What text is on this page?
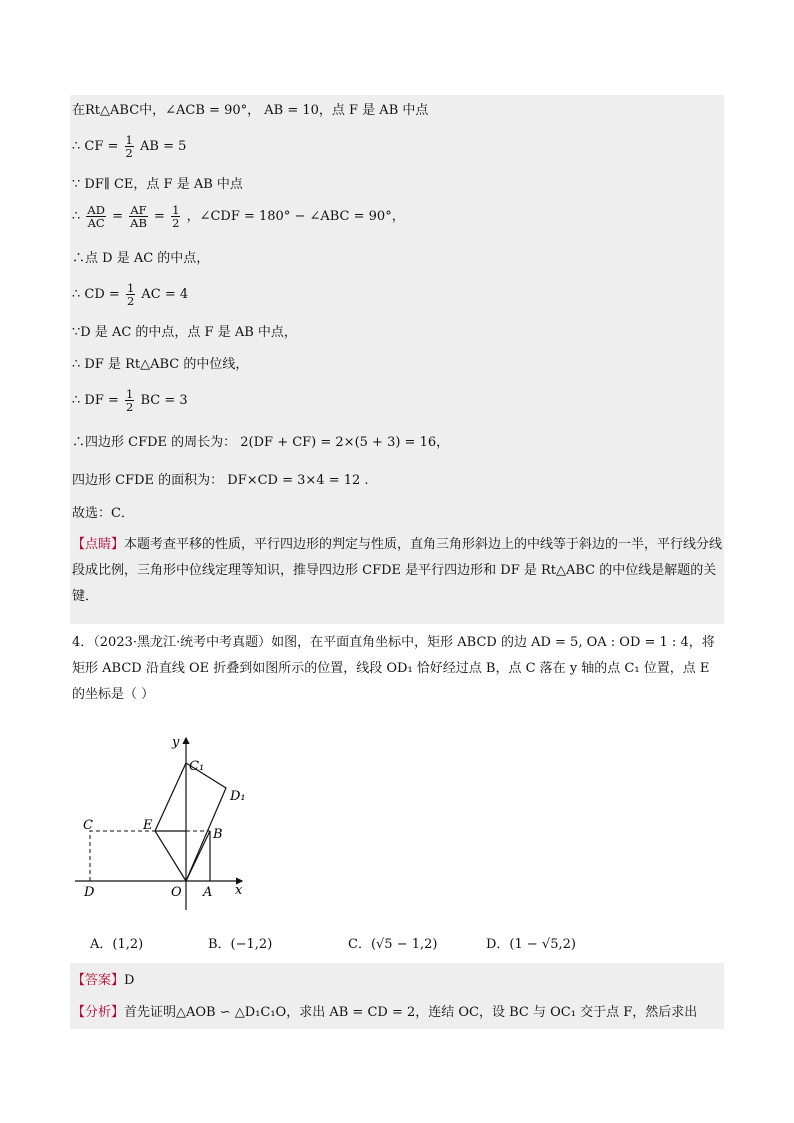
在Rt△ABC中，∠ACB = 90°， AB = 10，点 F 是 AB 中点
∴ CF = $\frac{1}{2}$ AB = 5
∵ DF∥ CE，点 F 是 AB 中点
∴ $\frac{AD}{AC} = \frac{AF}{AB} = \frac{1}{2}$ ，∠CDF = 180° − ∠ABC = 90°，
∴点 D 是 AC 的中点，
∴ CD = $\frac{1}{2}$ AC = 4
∵D 是 AC 的中点，点 F 是 AB 中点，
∴ DF 是 Rt△ABC 的中位线，
∴ DF = $\frac{1}{2}$ BC = 3
∴四边形 CFDE 的周长为： 2(DF + CF) = 2×(5 + 3) = 16，
四边形 CFDE 的面积为： DF×CD = 3×4 = 12 .
故选：C．
【点睛】本题考查平移的性质，平行四边形的判定与性质，直角三角形斜边上的中线等于斜边的一半，平行线分线段成比例，三角形中位线定理等知识，推导四边形 CFDE 是平行四边形和 DF 是 Rt△ABC 的中位线是解题的关键．
4．（2023·黑龙江·统考中考真题）如图，在平面直角坐标中，矩形 ABCD 的边 AD = 5, OA : OD = 1 : 4，将矩形 ABCD 沿直线 OE 折叠到如图所示的位置，线段 OD₁ 恰好经过点 B，点 C 落在 y 轴的点 C₁ 位置，点 E 的坐标是（ ）
y
x
C₁
D₁
C	E
B
D	O A
A．(1,2)	B．(−1,2)	C．(√5 − 1,2)	D．(1 − √5,2)
【答案】D
【分析】首先证明△AOB ∽ △D₁C₁O，求出 AB = CD = 2，连结 OC，设 BC 与 OC₁ 交于点 F，然后求出
